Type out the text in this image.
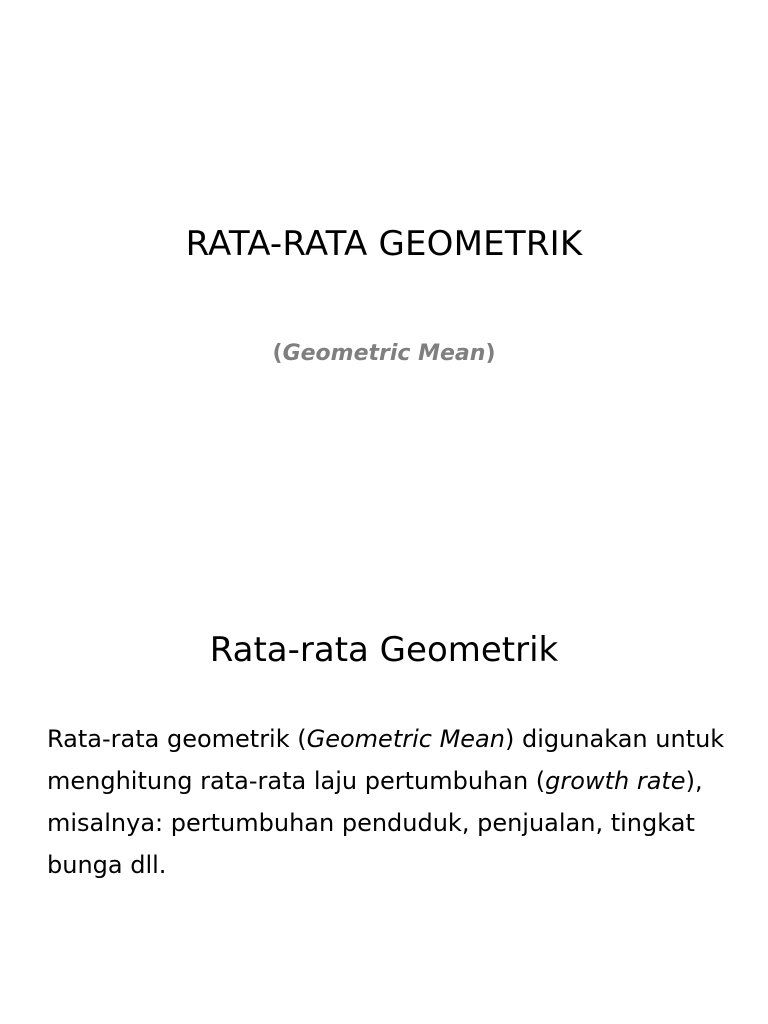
RATA-RATA GEOMETRIK
(Geometric Mean)
Rata-rata Geometrik

Rata-rata geometrik (Geometric Mean) digunakan untuk menghitung rata-rata laju pertumbuhan (growth rate), misalnya: pertumbuhan penduduk, penjualan, tingkat bunga dll.
